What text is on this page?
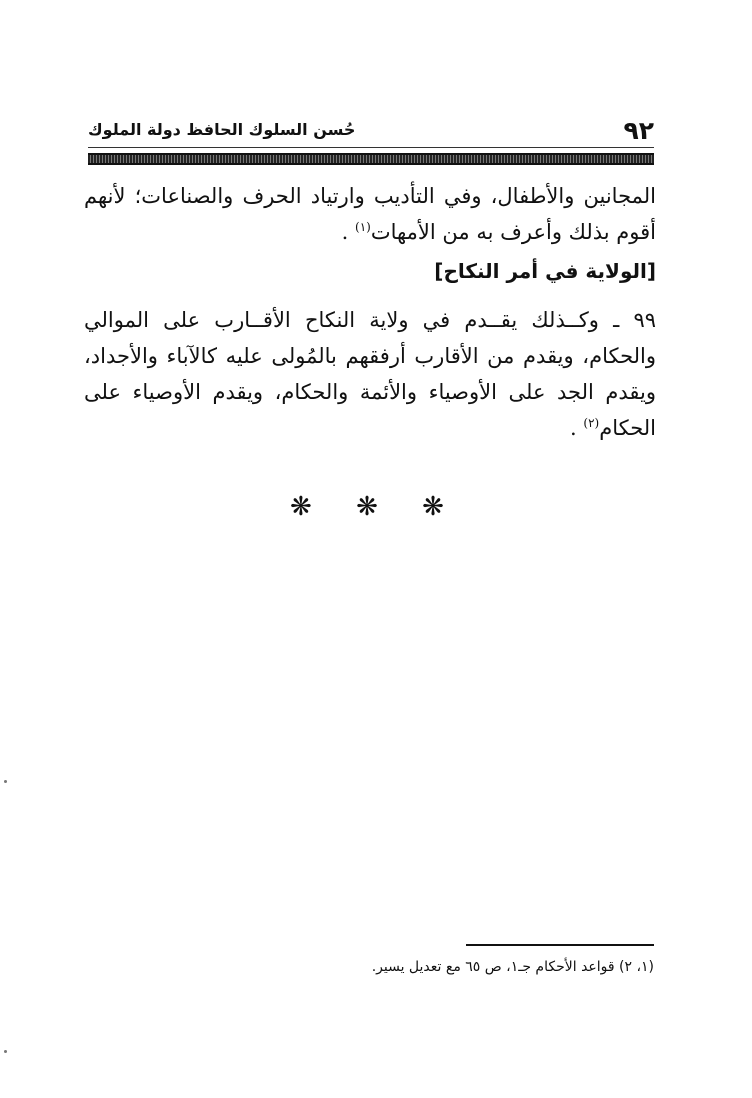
٩٢
حُسن السلوك الحافظ دولة الملوك

المجانين والأطفال، وفي التأديب وارتياد الحرف والصناعات؛ لأنهم أقوم بذلك وأعرف به من الأمهات$^{(١)}$ .

[الولاية في أمر النكاح]

٩٩ ـ وكــذلك يقــدم في ولاية النكاح الأقــارب على الموالي والحكام، ويقدم من الأقارب أرفقهم بالمُولى عليه كالآباء والأجداد، ويقدم الجد على الأوصياء والأئمة والحكام، ويقدم الأوصياء على الحكام$^{(٢)}$ .

❋ ❋ ❋
(١، ٢) قواعد الأحكام جـ١، ص ٦٥ مع تعديل يسير.
